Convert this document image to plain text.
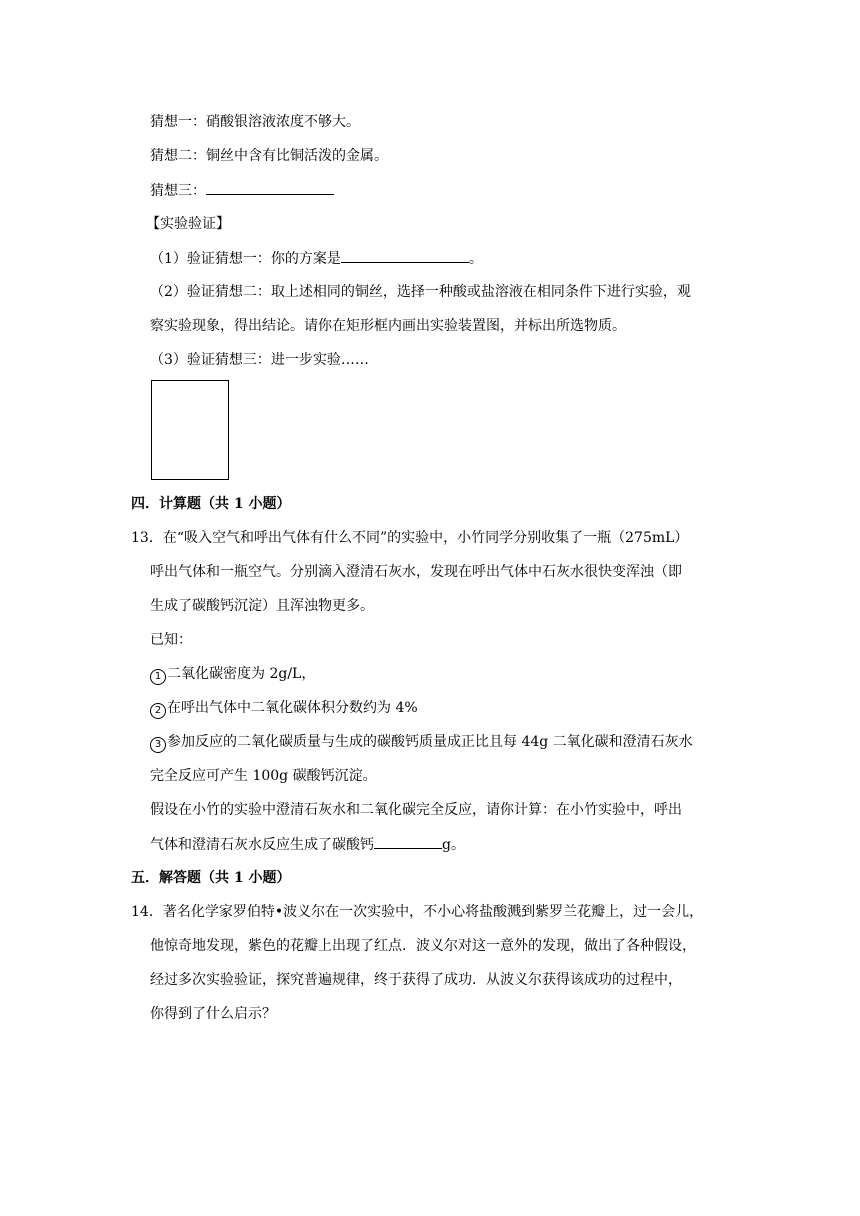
猜想一：硝酸银溶液浓度不够大。
猜想二：铜丝中含有比铜活泼的金属。
猜想三：
【实验验证】
（1）验证猜想一：你的方案是	。
（2）验证猜想二：取上述相同的铜丝，选择一种酸或盐溶液在相同条件下进行实验，观
察实验现象，得出结论。请你在矩形框内画出实验装置图，并标出所选物质。
（3）验证猜想三：进一步实验……
四．计算题（共 1 小题）
13．在“吸入空气和呼出气体有什么不同”的实验中，小竹同学分别收集了一瓶（275mL）
呼出气体和一瓶空气。分别滴入澄清石灰水，发现在呼出气体中石灰水很快变浑浊（即
生成了碳酸钙沉淀）且浑浊物更多。
已知：
1 二氧化碳密度为 2g/L，
2 在呼出气体中二氧化碳体积分数约为 4%
3 参加反应的二氧化碳质量与生成的碳酸钙质量成正比且每 44g 二氧化碳和澄清石灰水
完全反应可产生 100g 碳酸钙沉淀。
假设在小竹的实验中澄清石灰水和二氧化碳完全反应，请你计算：在小竹实验中，呼出
气体和澄清石灰水反应生成了碳酸钙	g。
五．解答题（共 1 小题）
14．著名化学家罗伯特•波义尔在一次实验中，不小心将盐酸溅到紫罗兰花瓣上，过一会儿，
他惊奇地发现，紫色的花瓣上出现了红点．波义尔对这一意外的发现，做出了各种假设，
经过多次实验验证，探究普遍规律，终于获得了成功．从波义尔获得该成功的过程中，
你得到了什么启示？
